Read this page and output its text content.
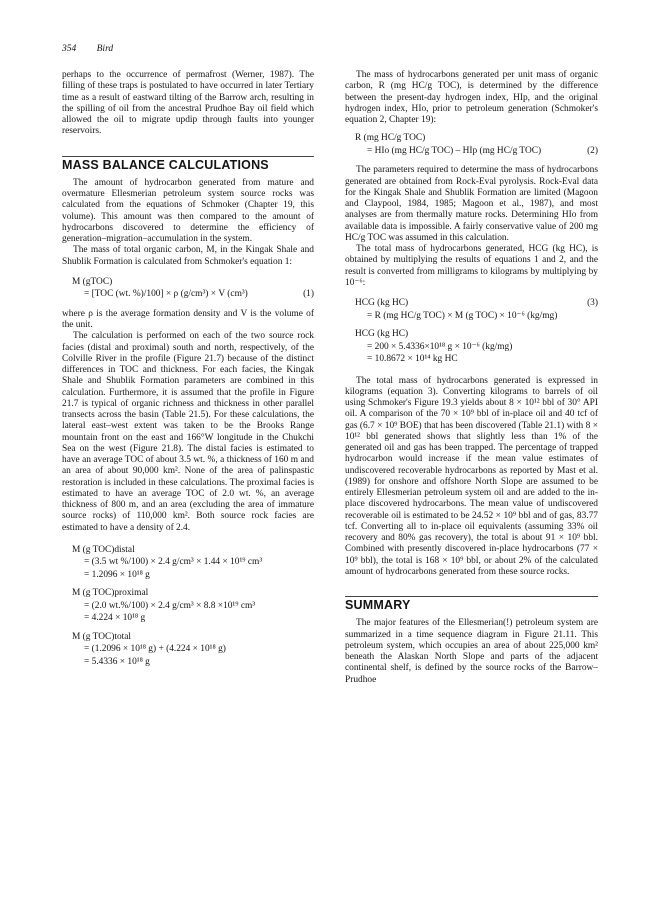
354 Bird

perhaps to the occurrence of permafrost (Werner, 1987). The filling of these traps is postulated to have occurred in later Tertiary time as a result of eastward tilting of the Barrow arch, resulting in the spilling of oil from the ancestral Prudhoe Bay oil field which allowed the oil to migrate updip through faults into younger reservoirs.

MASS BALANCE CALCULATIONS

The amount of hydrocarbon generated from mature and overmature Ellesmerian petroleum system source rocks was calculated from the equations of Schmoker (Chapter 19, this volume). This amount was then compared to the amount of hydrocarbons discovered to determine the efficiency of generation–migration–accumulation in the system.

The mass of total organic carbon, M, in the Kingak Shale and Shublik Formation is calculated from Schmoker's equation 1:

M (gTOC)
= [TOC (wt. %)/100] × ρ (g/cm³) × V (cm³)	(1)

where ρ is the average formation density and V is the volume of the unit.

The calculation is performed on each of the two source rock facies (distal and proximal) south and north, respectively, of the Colville River in the profile (Figure 21.7) because of the distinct differences in TOC and thickness. For each facies, the Kingak Shale and Shublik Formation parameters are combined in this calculation. Furthermore, it is assumed that the profile in Figure 21.7 is typical of organic richness and thickness in other parallel transects across the basin (Table 21.5). For these calculations, the lateral east–west extent was taken to be the Brooks Range mountain front on the east and 166°W longitude in the Chukchi Sea on the west (Figure 21.8). The distal facies is estimated to have an average TOC of about 3.5 wt. %, a thickness of 160 m and an area of about 90,000 km². None of the area of palinspastic restoration is included in these calculations. The proximal facies is estimated to have an average TOC of 2.0 wt. %, an average thickness of 800 m, and an area (excluding the area of immature source rocks) of 110,000 km². Both source rock facies are estimated to have a density of 2.4.

M (g TOC)distal
= (3.5 wt %/100) × 2.4 g/cm³ × 1.44 × 10¹⁹ cm³
= 1.2096 × 10¹⁸ g
M (g TOC)proximal
= (2.0 wt.%/100) × 2.4 g/cm³ × 8.8 ×10¹⁹ cm³
= 4.224 × 10¹⁸ g
M (g TOC)total
= (1.2096 × 10¹⁸ g) + (4.224 × 10¹⁸ g)
= 5.4336 × 10¹⁸ g

The mass of hydrocarbons generated per unit mass of organic carbon, R (mg HC/g TOC), is determined by the difference between the present-day hydrogen index, HIp, and the original hydrogen index, HIo, prior to petroleum generation (Schmoker's equation 2, Chapter 19):

R (mg HC/g TOC)
= HIo (mg HC/g TOC) – HIp (mg HC/g TOC)	(2)

The parameters required to determine the mass of hydrocarbons generated are obtained from Rock-Eval pyrolysis. Rock-Eval data for the Kingak Shale and Shublik Formation are limited (Magoon and Claypool, 1984, 1985; Magoon et al., 1987), and most analyses are from thermally mature rocks. Determining HIo from available data is impossible. A fairly conservative value of 200 mg HC/g TOC was assumed in this calculation.

The total mass of hydrocarbons generated, HCG (kg HC), is obtained by multiplying the results of equations 1 and 2, and the result is converted from milligrams to kilograms by multiplying by 10⁻⁶:

HCG (kg HC)	(3)
= R (mg HC/g TOC) × M (g TOC) × 10⁻⁶ (kg/mg)
HCG (kg HC)
= 200 × 5.4336×10¹⁸ g × 10⁻⁶ (kg/mg)
= 10.8672 × 10¹⁴ kg HC

The total mass of hydrocarbons generated is expressed in kilograms (equation 3). Converting kilograms to barrels of oil using Schmoker's Figure 19.3 yields about 8 × 10¹² bbl of 30° API oil. A comparison of the 70 × 10⁹ bbl of in-place oil and 40 tcf of gas (6.7 × 10⁹ BOE) that has been discovered (Table 21.1) with 8 × 10¹² bbl generated shows that slightly less than 1% of the generated oil and gas has been trapped. The percentage of trapped hydrocarbon would increase if the mean value estimates of undiscovered recoverable hydrocarbons as reported by Mast et al. (1989) for onshore and offshore North Slope are assumed to be entirely Ellesmerian petroleum system oil and are added to the in-place discovered hydrocarbons. The mean value of undiscovered recoverable oil is estimated to be 24.52 × 10⁹ bbl and of gas, 83.77 tcf. Converting all to in-place oil equivalents (assuming 33% oil recovery and 80% gas recovery), the total is about 91 × 10⁹ bbl. Combined with presently discovered in-place hydrocarbons (77 × 10⁹ bbl), the total is 168 × 10⁹ bbl, or about 2% of the calculated amount of hydrocarbons generated from these source rocks.

SUMMARY

The major features of the Ellesmerian(!) petroleum system are summarized in a time sequence diagram in Figure 21.11. This petroleum system, which occupies an area of about 225,000 km² beneath the Alaskan North Slope and parts of the adjacent continental shelf, is defined by the source rocks of the Barrow–Prudhoe
